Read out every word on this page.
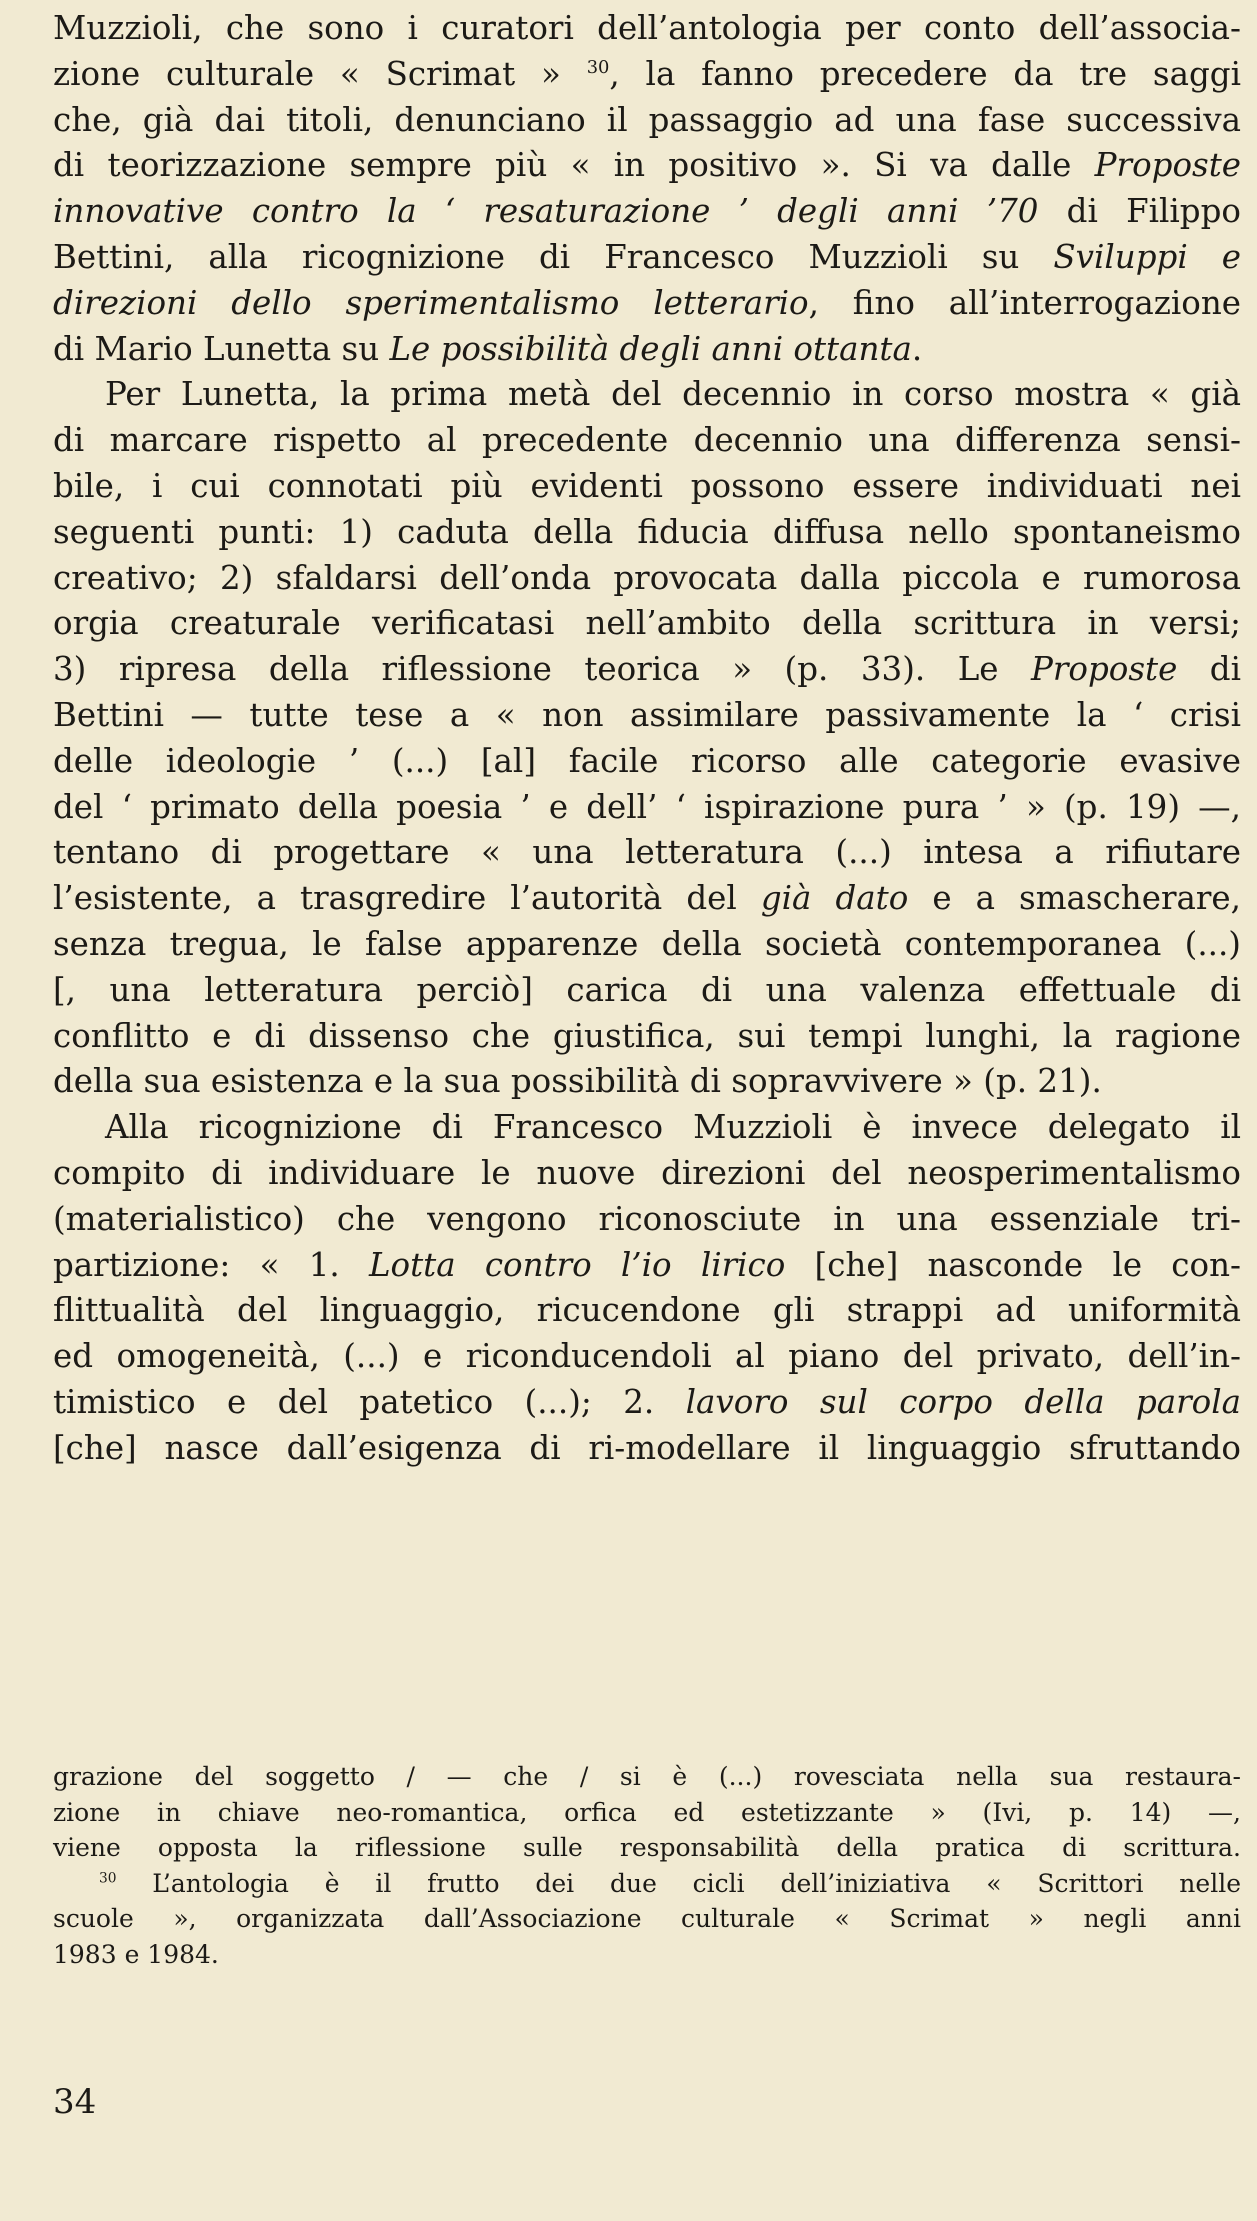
Muzzioli, che sono i curatori dell’antologia per conto dell’associa-
zione culturale « Scrimat » $^{30}$, la fanno precedere da tre saggi
che, già dai titoli, denunciano il passaggio ad una fase successiva
di teorizzazione sempre più « in positivo ». Si va dalle Proposte
innovative contro la ‘ resaturazione ’ degli anni ’70 di Filippo
Bettini, alla ricognizione di Francesco Muzzioli su Sviluppi e
direzioni dello sperimentalismo letterario, fino all’interrogazione
di Mario Lunetta su Le possibilità degli anni ottanta.

Per Lunetta, la prima metà del decennio in corso mostra « già
di marcare rispetto al precedente decennio una differenza sensi-
bile, i cui connotati più evidenti possono essere individuati nei
seguenti punti: 1) caduta della fiducia diffusa nello spontaneismo
creativo; 2) sfaldarsi dell’onda provocata dalla piccola e rumorosa
orgia creaturale verificatasi nell’ambito della scrittura in versi;
3) ripresa della riflessione teorica » (p. 33). Le Proposte di
Bettini — tutte tese a « non assimilare passivamente la ‘ crisi
delle ideologie ’ (...) [al] facile ricorso alle categorie evasive
del ‘ primato della poesia ’ e dell’ ‘ ispirazione pura ’ » (p. 19) —,
tentano di progettare « una letteratura (...) intesa a rifiutare
l’esistente, a trasgredire l’autorità del già dato e a smascherare,
senza tregua, le false apparenze della società contemporanea (...)
[, una letteratura perciò] carica di una valenza effettuale di
conflitto e di dissenso che giustifica, sui tempi lunghi, la ragione
della sua esistenza e la sua possibilità di sopravvivere » (p. 21).

Alla ricognizione di Francesco Muzzioli è invece delegato il
compito di individuare le nuove direzioni del neosperimentalismo
(materialistico) che vengono riconosciute in una essenziale tri-
partizione: « 1. Lotta contro l’io lirico [che] nasconde le con-
flittualità del linguaggio, ricucendone gli strappi ad uniformità
ed omogeneità, (...) e riconducendoli al piano del privato, dell’in-
timistico e del patetico (...); 2. lavoro sul corpo della parola
[che] nasce dall’esigenza di ri-modellare il linguaggio sfruttando

grazione del soggetto / — che / si è (...) rovesciata nella sua restaura-
zione in chiave neo-romantica, orfica ed estetizzante » (Ivi, p. 14) —,
viene opposta la riflessione sulle responsabilità della pratica di scrittura.
$^{30}$ L’antologia è il frutto dei due cicli dell’iniziativa « Scrittori nelle
scuole », organizzata dall’Associazione culturale « Scrimat » negli anni
1983 e 1984.
34
